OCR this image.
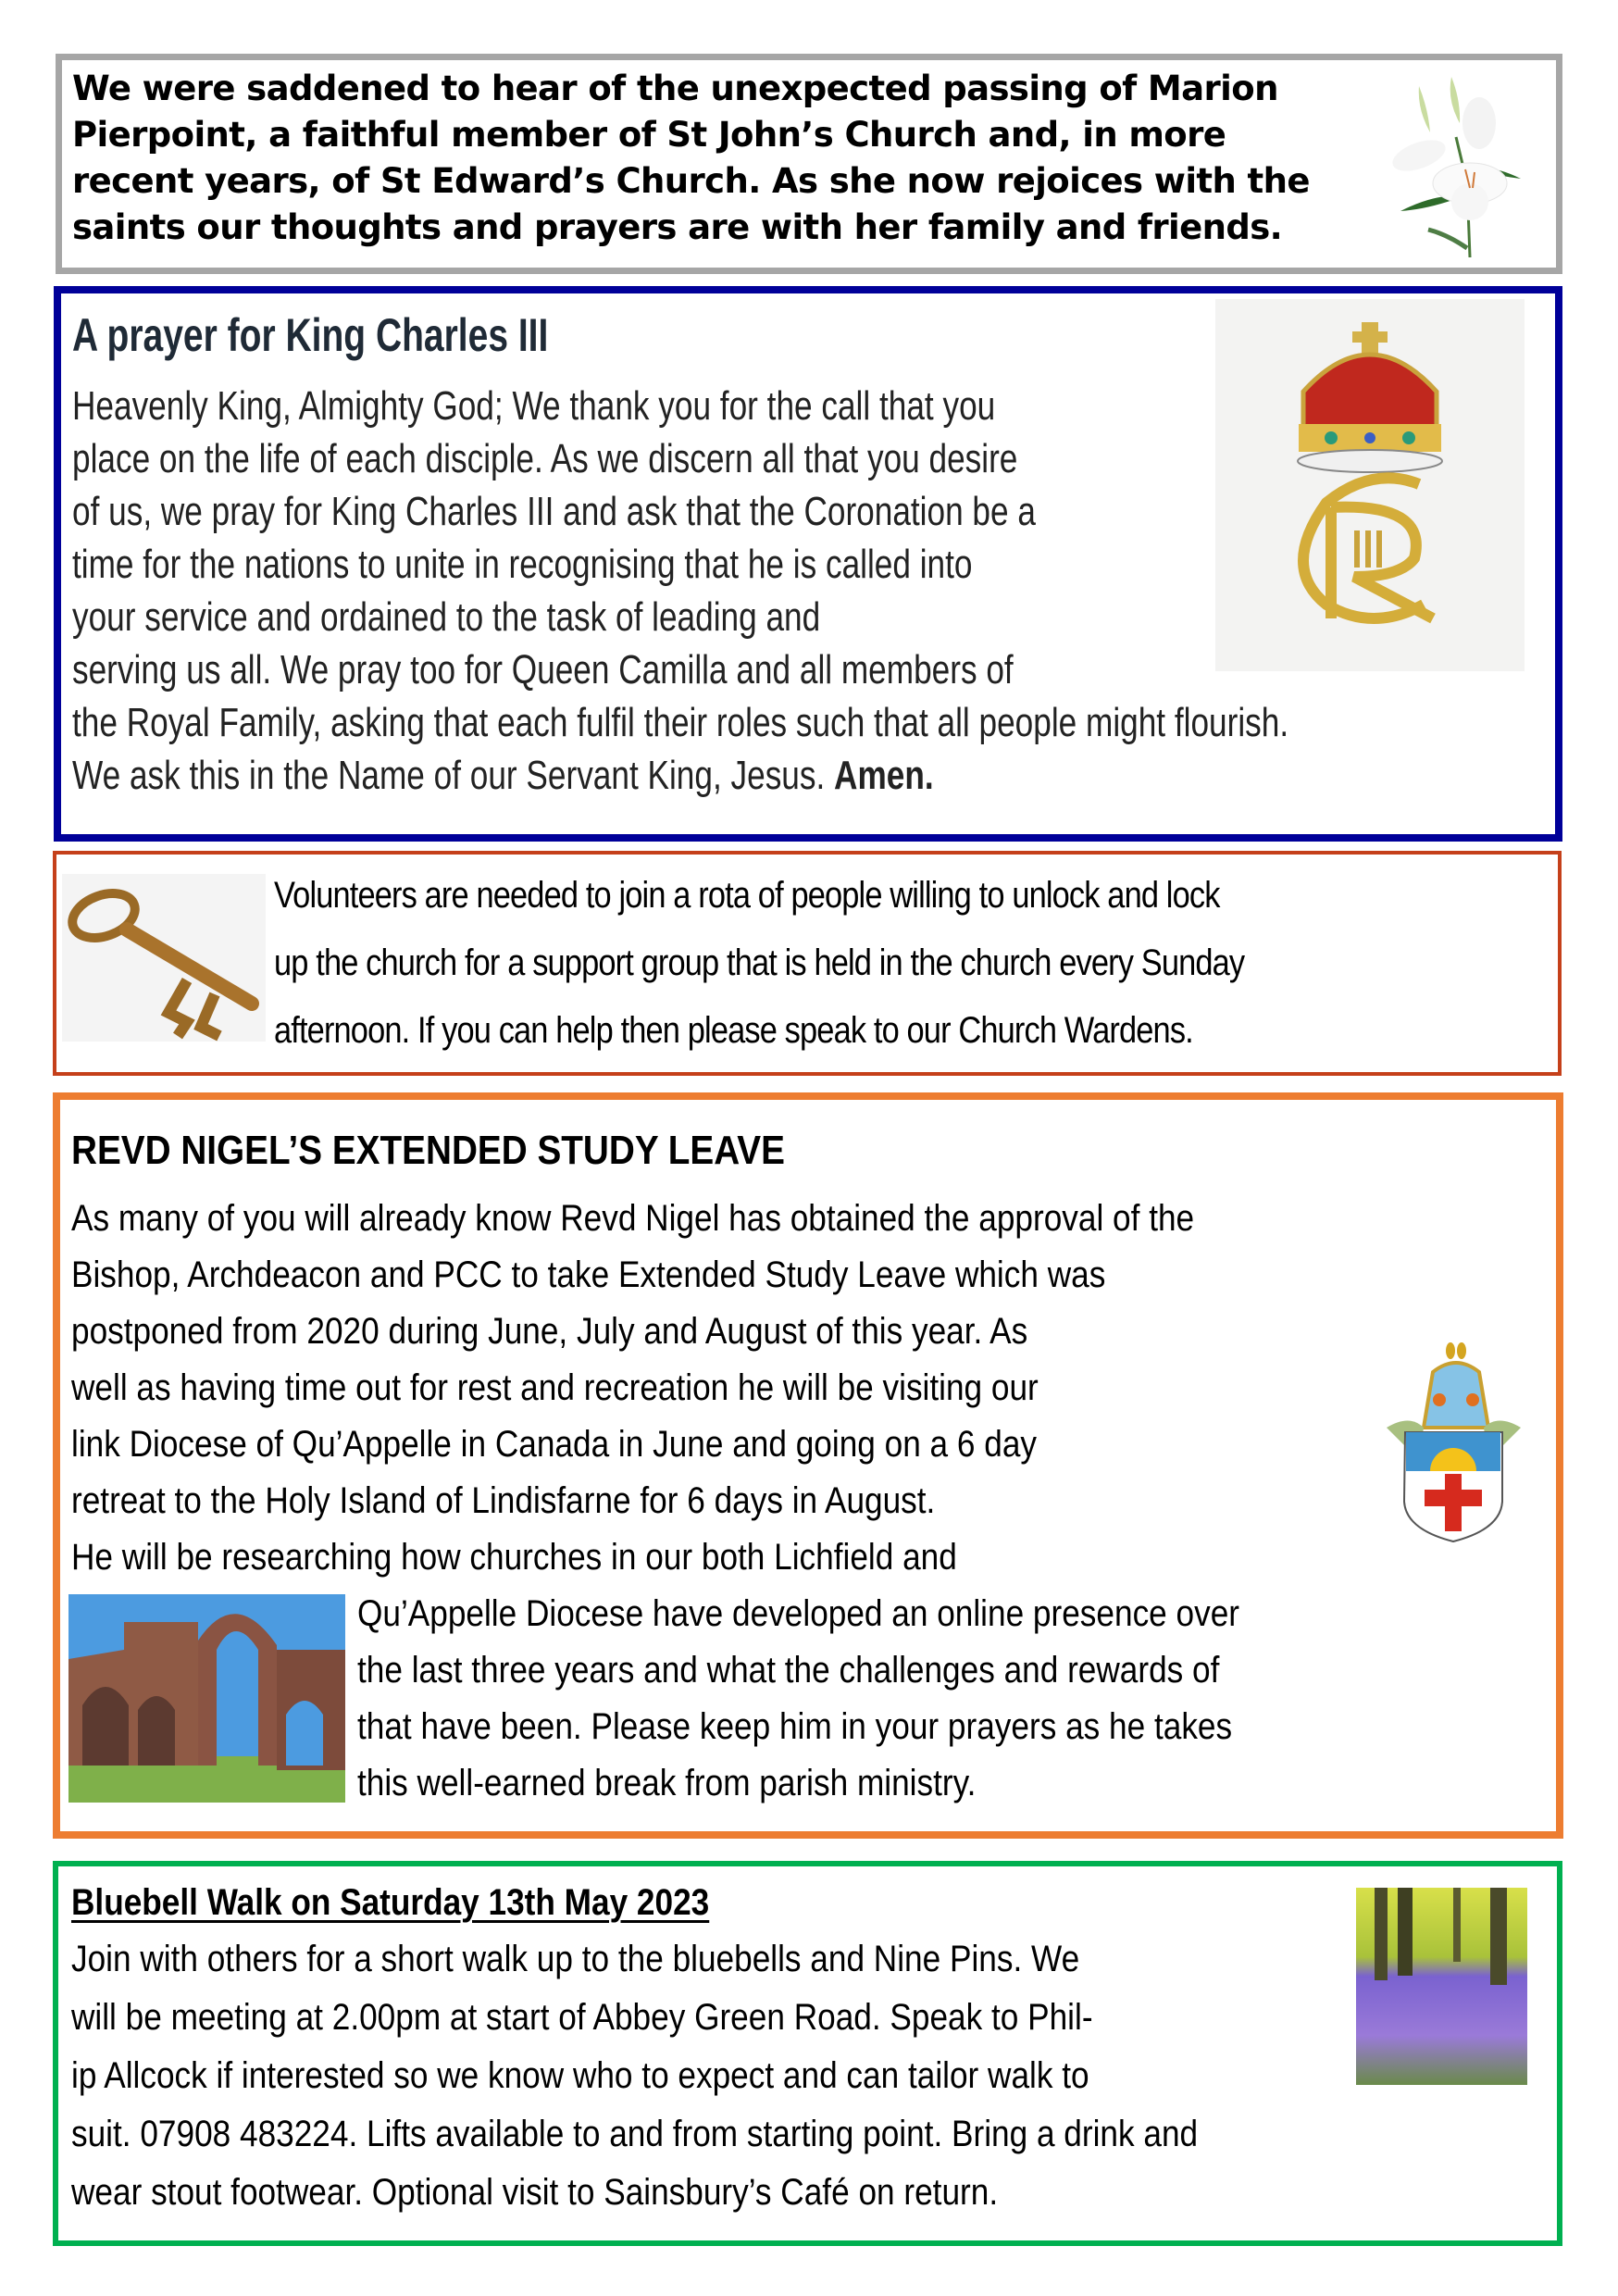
We were saddened to hear of the unexpected passing of Marion

Pierpoint, a faithful member of St John’s Church and, in more

recent years, of St Edward’s Church. As she now rejoices with the

saints our thoughts and prayers are with her family and friends.

A prayer for King Charles III

Heavenly King, Almighty God; We thank you for the call that you

place on the life of each disciple. As we discern all that you desire

of us, we pray for King Charles III and ask that the Coronation be a

time for the nations to unite in recognising that he is called into

your service and ordained to the task of leading and

serving us all. We pray too for Queen Camilla and all members of

the Royal Family, asking that each fulfil their roles such that all people might flourish.

We ask this in the Name of our Servant King, Jesus. Amen.

Volunteers are needed to join a rota of people willing to unlock and lock

up the church for a support group that is held in the church every Sunday

afternoon. If you can help then please speak to our Church Wardens.

REVD NIGEL’S EXTENDED STUDY LEAVE

As many of you will already know Revd Nigel has obtained the approval of the

Bishop, Archdeacon and PCC to take Extended Study Leave which was

postponed from 2020 during June, July and August of this year. As

well as having time out for rest and recreation he will be visiting our

link Diocese of Qu’Appelle in Canada in June and going on a 6 day

retreat to the Holy Island of Lindisfarne for 6 days in August.

He will be researching how churches in our both Lichfield and

Qu’Appelle Diocese have developed an online presence over

the last three years and what the challenges and rewards of

that have been. Please keep him in your prayers as he takes

this well-earned break from parish ministry.

Bluebell Walk on Saturday 13th May 2023

Join with others for a short walk up to the bluebells and Nine Pins. We

will be meeting at 2.00pm at start of Abbey Green Road. Speak to Phil-

ip Allcock if interested so we know who to expect and can tailor walk to

suit. 07908 483224. Lifts available to and from starting point. Bring a drink and

wear stout footwear. Optional visit to Sainsbury’s Café on return.
